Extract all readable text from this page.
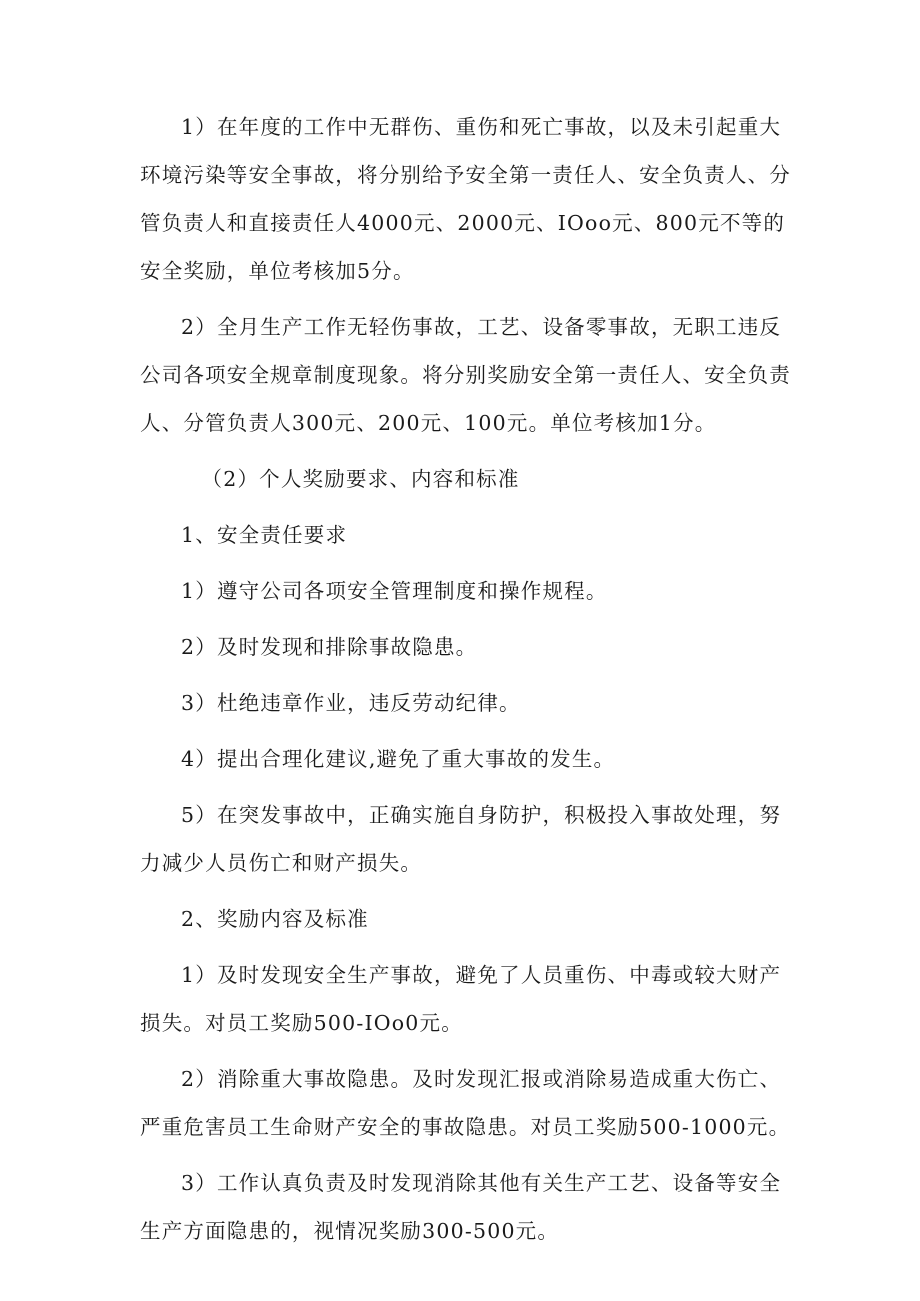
1）在年度的工作中无群伤、重伤和死亡事故，以及未引起重大环境污染等安全事故，将分别给予安全第一责任人、安全负责人、分管负责人和直接责任人4000元、2000元、IOoo元、800元不等的安全奖励，单位考核加5分。

2）全月生产工作无轻伤事故，工艺、设备零事故，无职工违反公司各项安全规章制度现象。将分别奖励安全第一责任人、安全负责人、分管负责人300元、200元、100元。单位考核加1分。

（2）个人奖励要求、内容和标准

1、安全责任要求

1）遵守公司各项安全管理制度和操作规程。

2）及时发现和排除事故隐患。

3）杜绝违章作业，违反劳动纪律。

4）提出合理化建议,避免了重大事故的发生。

5）在突发事故中，正确实施自身防护，积极投入事故处理，努力减少人员伤亡和财产损失。

2、奖励内容及标准

1）及时发现安全生产事故，避免了人员重伤、中毒或较大财产损失。对员工奖励500-IOo0元。

2）消除重大事故隐患。及时发现汇报或消除易造成重大伤亡、严重危害员工生命财产安全的事故隐患。对员工奖励500-1000元。

3）工作认真负责及时发现消除其他有关生产工艺、设备等安全生产方面隐患的，视情况奖励300-500元。
